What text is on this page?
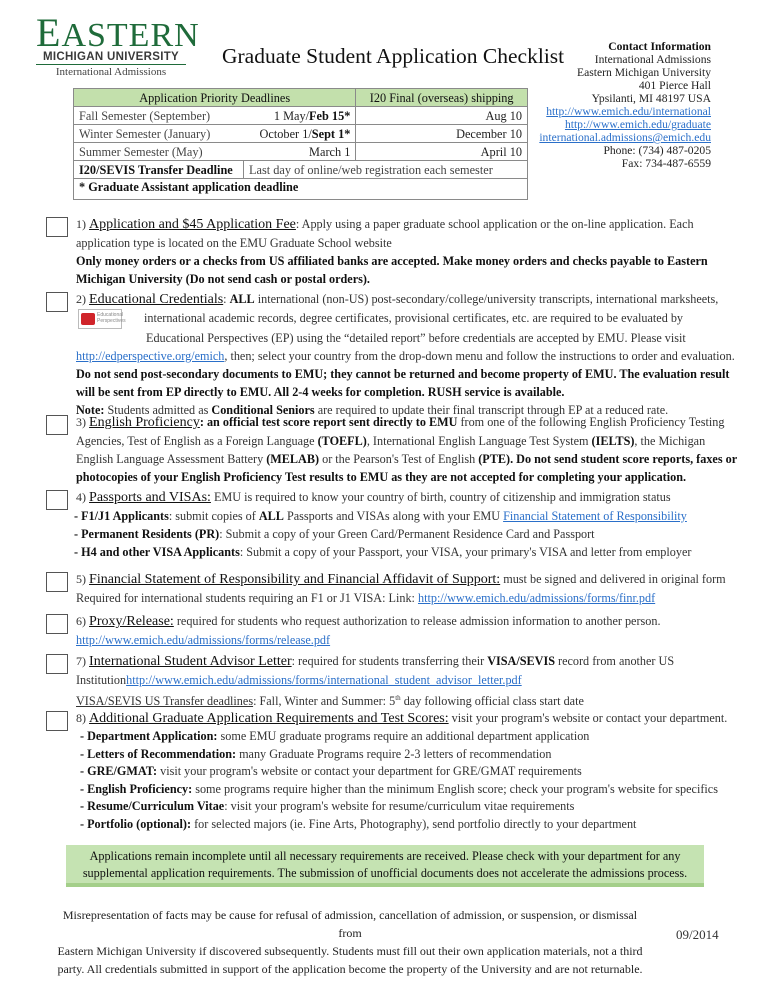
EASTERN
MICHIGAN UNIVERSITY
International Admissions
Graduate Student Application Checklist	Contact Information
International Admissions
Eastern Michigan University
401 Pierce Hall
Ypsilanti, MI 48197 USA
http://www.emich.edu/international
http://www.emich.edu/graduate
international.admissions@emich.edu
Phone: (734) 487-0205
Fax: 734-487-6559
Application Priority Deadlines		I20 Final (overseas) shipping
Fall Semester (September)	1 May/Feb 15*	Aug 10
Winter Semester (January)	October 1/Sept 1*	December 10
Summer Semester (May)	March 1	April 10
I20/SEVIS Transfer Deadline	Last day of online/web registration each semester	
* Graduate Assistant application deadline		
1) Application and $45 Application Fee: Apply using a paper graduate school application or the on-line application. Each application type is located on the EMU Graduate School website
Only money orders or a checks from US affiliated banks are accepted. Make money orders and checks payable to Eastern Michigan University (Do not send cash or postal orders).
2) Educational Credentials: ALL international (non-US) post-secondary/college/university transcripts, international marksheets,
Educational Perspectives international academic records, degree certificates, provisional certificates, etc. are required to be evaluated by
Educational Perspectives (EP) using the “detailed report” before credentials are accepted by EMU. Please visit
http://edperspective.org/emich, then; select your country from the drop-down menu and follow the instructions to order and evaluation. Do not send post-secondary documents to EMU; they cannot be returned and become property of EMU. The evaluation result will be sent from EP directly to EMU. All 2-4 weeks for completion. RUSH service is available.
Note: Students admitted as Conditional Seniors are required to update their final transcript through EP at a reduced rate.
3) English Proficiency: an official test score report sent directly to EMU from one of the following English Proficiency Testing Agencies, Test of English as a Foreign Language (TOEFL), International English Language Test System (IELTS), the Michigan English Language Assessment Battery (MELAB) or the Pearson's Test of English (PTE). Do not send student score reports, faxes or photocopies of your English Proficiency Test results to EMU as they are not accepted for completing your application.
4) Passports and VISAs: EMU is required to know your country of birth, country of citizenship and immigration status
- F1/J1 Applicants: submit copies of ALL Passports and VISAs along with your EMU Financial Statement of Responsibility
- Permanent Residents (PR): Submit a copy of your Green Card/Permanent Residence Card and Passport
- H4 and other VISA Applicants: Submit a copy of your Passport, your VISA, your primary's VISA and letter from employer
5) Financial Statement of Responsibility and Financial Affidavit of Support: must be signed and delivered in original form
Required for international students requiring an F1 or J1 VISA: Link: http://www.emich.edu/admissions/forms/finr.pdf
6) Proxy/Release: required for students who request authorization to release admission information to another person.
http://www.emich.edu/admissions/forms/release.pdf
7) International Student Advisor Letter: required for students transferring their VISA/SEVIS record from another US Institutionhttp://www.emich.edu/admissions/forms/international_student_advisor_letter.pdf
VISA/SEVIS US Transfer deadlines: Fall, Winter and Summer: 5th day following official class start date
8) Additional Graduate Application Requirements and Test Scores: visit your program's website or contact your department.
- Department Application: some EMU graduate programs require an additional department application
- Letters of Recommendation: many Graduate Programs require 2-3 letters of recommendation
- GRE/GMAT: visit your program's website or contact your department for GRE/GMAT requirements
- English Proficiency: some programs require higher than the minimum English score; check your program's website for specifics
- Resume/Curriculum Vitae: visit your program's website for resume/curriculum vitae requirements
- Portfolio (optional): for selected majors (ie. Fine Arts, Photography), send portfolio directly to your department
Applications remain incomplete until all necessary requirements are received. Please check with your department for any
supplemental application requirements. The submission of unofficial documents does not accelerate the admissions process.
Misrepresentation of facts may be cause for refusal of admission, cancellation of admission, or suspension, or dismissal from
Eastern Michigan University if discovered subsequently. Students must fill out their own application materials, not a third
party. All credentials submitted in support of the application become the property of the University and are not returnable.
09/2014
